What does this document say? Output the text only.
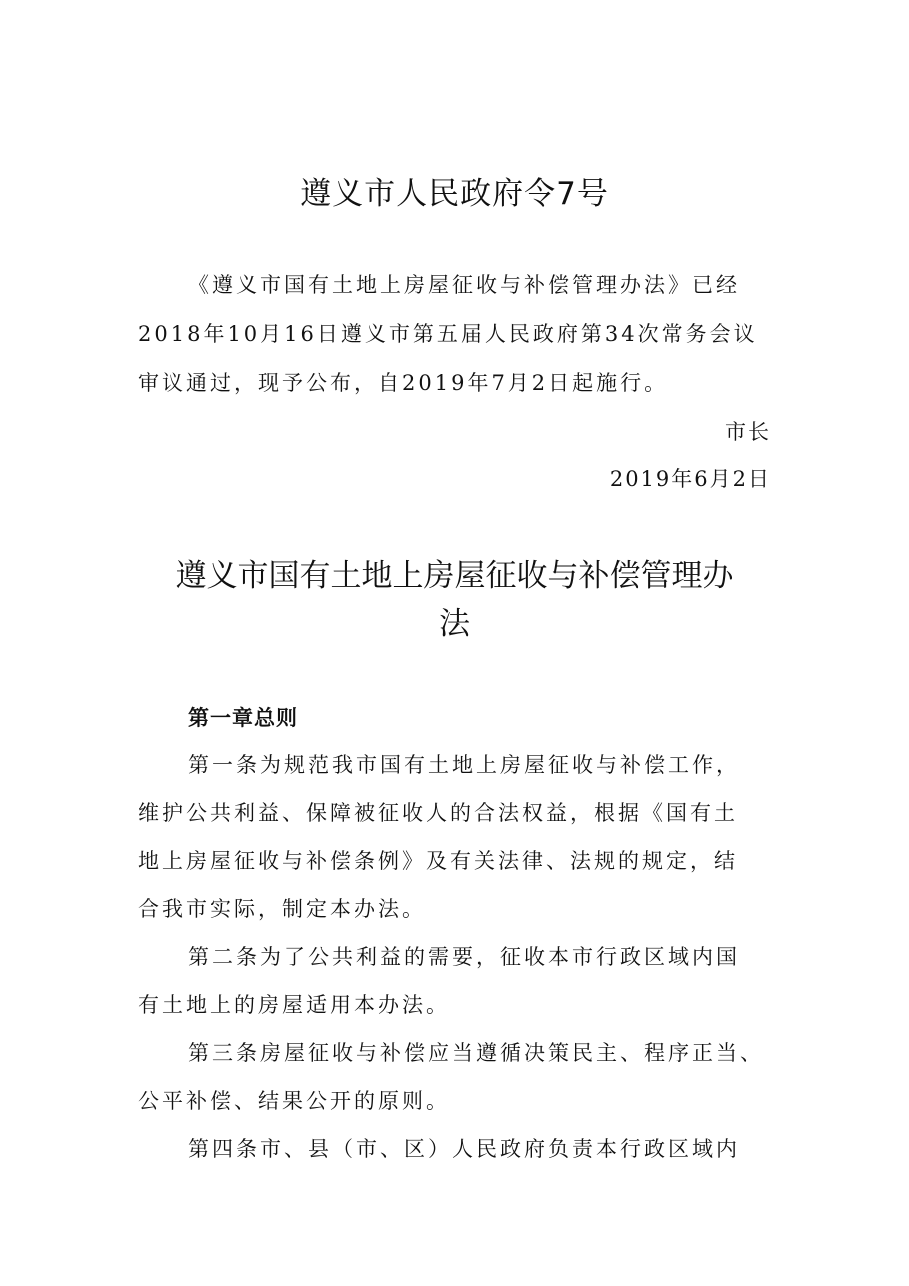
遵义市人民政府令7号
《遵义市国有土地上房屋征收与补偿管理办法》已经
2018年10月16日遵义市第五届人民政府第34次常务会议
审议通过，现予公布，自2019年7月2日起施行。
市长
2019年6月2日
遵义市国有土地上房屋征收与补偿管理办
法
第一章总则
第一条为规范我市国有土地上房屋征收与补偿工作，
维护公共利益、保障被征收人的合法权益，根据《国有土
地上房屋征收与补偿条例》及有关法律、法规的规定，结
合我市实际，制定本办法。
第二条为了公共利益的需要，征收本市行政区域内国
有土地上的房屋适用本办法。
第三条房屋征收与补偿应当遵循决策民主、程序正当、
公平补偿、结果公开的原则。
第四条市、县（市、区）人民政府负责本行政区域内
